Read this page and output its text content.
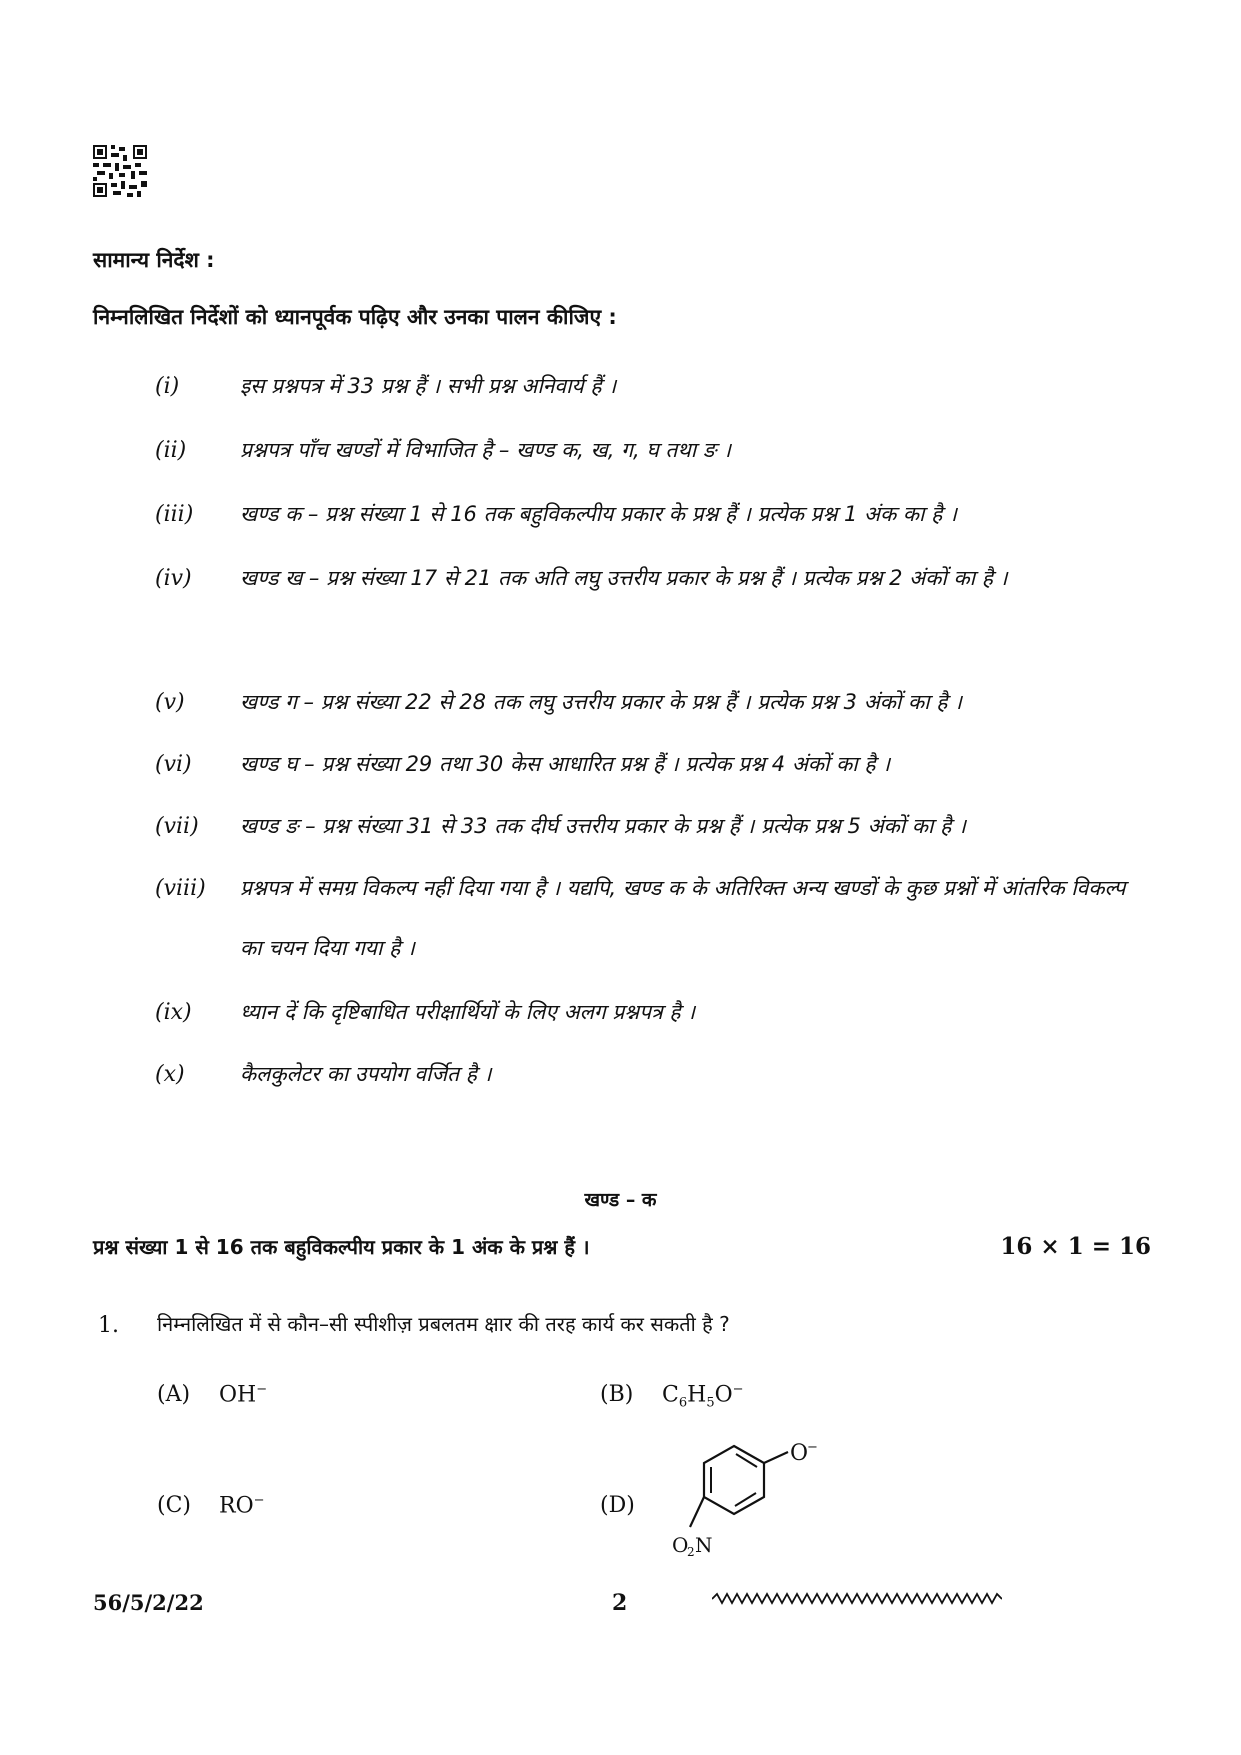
सामान्य निर्देश :
निम्नलिखित निर्देशों को ध्यानपूर्वक पढ़िए और उनका पालन कीजिए :
(i)	इस प्रश्नपत्र में 33 प्रश्न हैं । सभी प्रश्न अनिवार्य हैं ।
(ii)	प्रश्नपत्र पाँच खण्डों में विभाजित है – खण्ड क, ख, ग, घ तथा ङ ।
(iii) खण्ड क – प्रश्न संख्या 1 से 16 तक बहुविकल्पीय प्रकार के प्रश्न हैं । प्रत्येक प्रश्न 1 अंक का है ।
(iv) खण्ड ख – प्रश्न संख्या 17 से 21 तक अति लघु उत्तरीय प्रकार के प्रश्न हैं । प्रत्येक प्रश्न 2 अंकों का है ।
(v)	खण्ड ग – प्रश्न संख्या 22 से 28 तक लघु उत्तरीय प्रकार के प्रश्न हैं । प्रत्येक प्रश्न 3 अंकों का है ।
(vi) खण्ड घ – प्रश्न संख्या 29 तथा 30 केस आधारित प्रश्न हैं । प्रत्येक प्रश्न 4 अंकों का है ।
(vii) खण्ड ङ – प्रश्न संख्या 31 से 33 तक दीर्घ उत्तरीय प्रकार के प्रश्न हैं । प्रत्येक प्रश्न 5 अंकों का है ।
(viii) प्रश्नपत्र में समग्र विकल्प नहीं दिया गया है । यद्यपि, खण्ड क के अतिरिक्त अन्य खण्डों के कुछ प्रश्नों में आंतरिक विकल्प का चयन दिया गया है ।
(ix) ध्यान दें कि दृष्टिबाधित परीक्षार्थियों के लिए अलग प्रश्नपत्र है ।
(x)	कैलकुलेटर का उपयोग वर्जित है ।
खण्ड – क
प्रश्न संख्या 1 से 16 तक बहुविकल्पीय प्रकार के 1 अंक के प्रश्न हैं ।	16 × 1 = 16
1. निम्नलिखित में से कौन–सी स्पीशीज़ प्रबलतम क्षार की तरह कार्य कर सकती है ?
(A) OH−	(B) $C_6H_5O^-$
(C) RO−	(D)
O
−
O
2 N
56/5/2/22	2
